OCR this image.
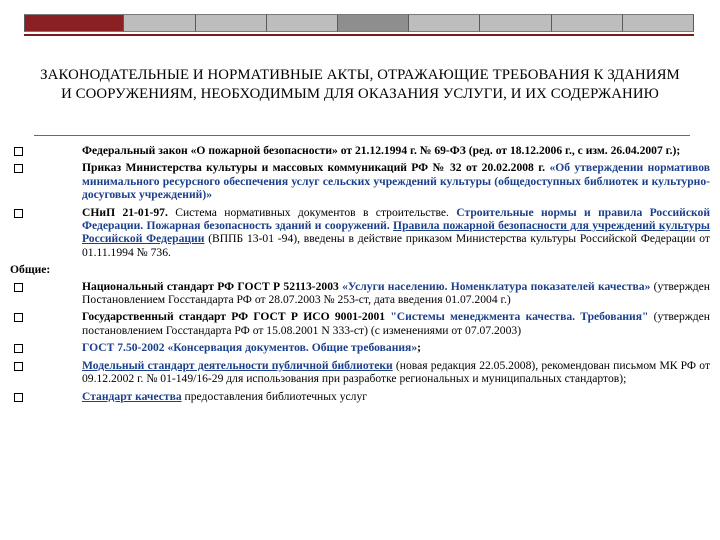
ЗАКОНОДАТЕЛЬНЫЕ И НОРМАТИВНЫЕ АКТЫ, ОТРАЖАЮЩИЕ ТРЕБОВАНИЯ К ЗДАНИЯМ И СООРУЖЕНИЯМ, НЕОБХОДИМЫМ ДЛЯ ОКАЗАНИЯ УСЛУГИ, И ИХ СОДЕРЖАНИЮ
Федеральный закон «О пожарной безопасности» от 21.12.1994 г. № 69-ФЗ (ред. от 18.12.2006 г., с изм. 26.04.2007 г.);
Приказ Министерства культуры и массовых коммуникаций РФ № 32 от 20.02.2008 г. «Об утверждении нормативов минимального ресурсного обеспечения услуг сельских учреждений культуры (общедоступных библиотек и культурно-досуговых учреждений)»
СНиП 21-01-97. Система нормативных документов в строительстве. Строительные нормы и правила Российской Федерации. Пожарная безопасность зданий и сооружений. Правила пожарной безопасности для учреждений культуры Российской Федерации (ВППБ 13-01 -94), введены в действие приказом Министерства культуры Российской Федерации от 01.11.1994 № 736.
Общие:
Национальный стандарт РФ ГОСТ Р 52113-2003 «Услуги населению. Номенклатура показателей качества» (утвержден Постановлением Госстандарта РФ от 28.07.2003 № 253-ст, дата введения 01.07.2004 г.)
Государственный стандарт РФ ГОСТ Р ИСО 9001-2001 "Системы менеджмента качества. Требования" (утвержден постановлением Госстандарта РФ от 15.08.2001 N 333-ст) (с изменениями от 07.07.2003)
ГОСТ 7.50-2002 «Консервация документов. Общие требования»;
Модельный стандарт деятельности публичной библиотеки (новая редакция 22.05.2008), рекомендован письмом МК РФ от 09.12.2002 г. № 01-149/16-29 для использования при разработке региональных и муниципальных стандартов);
Стандарт качества предоставления библиотечных услуг
